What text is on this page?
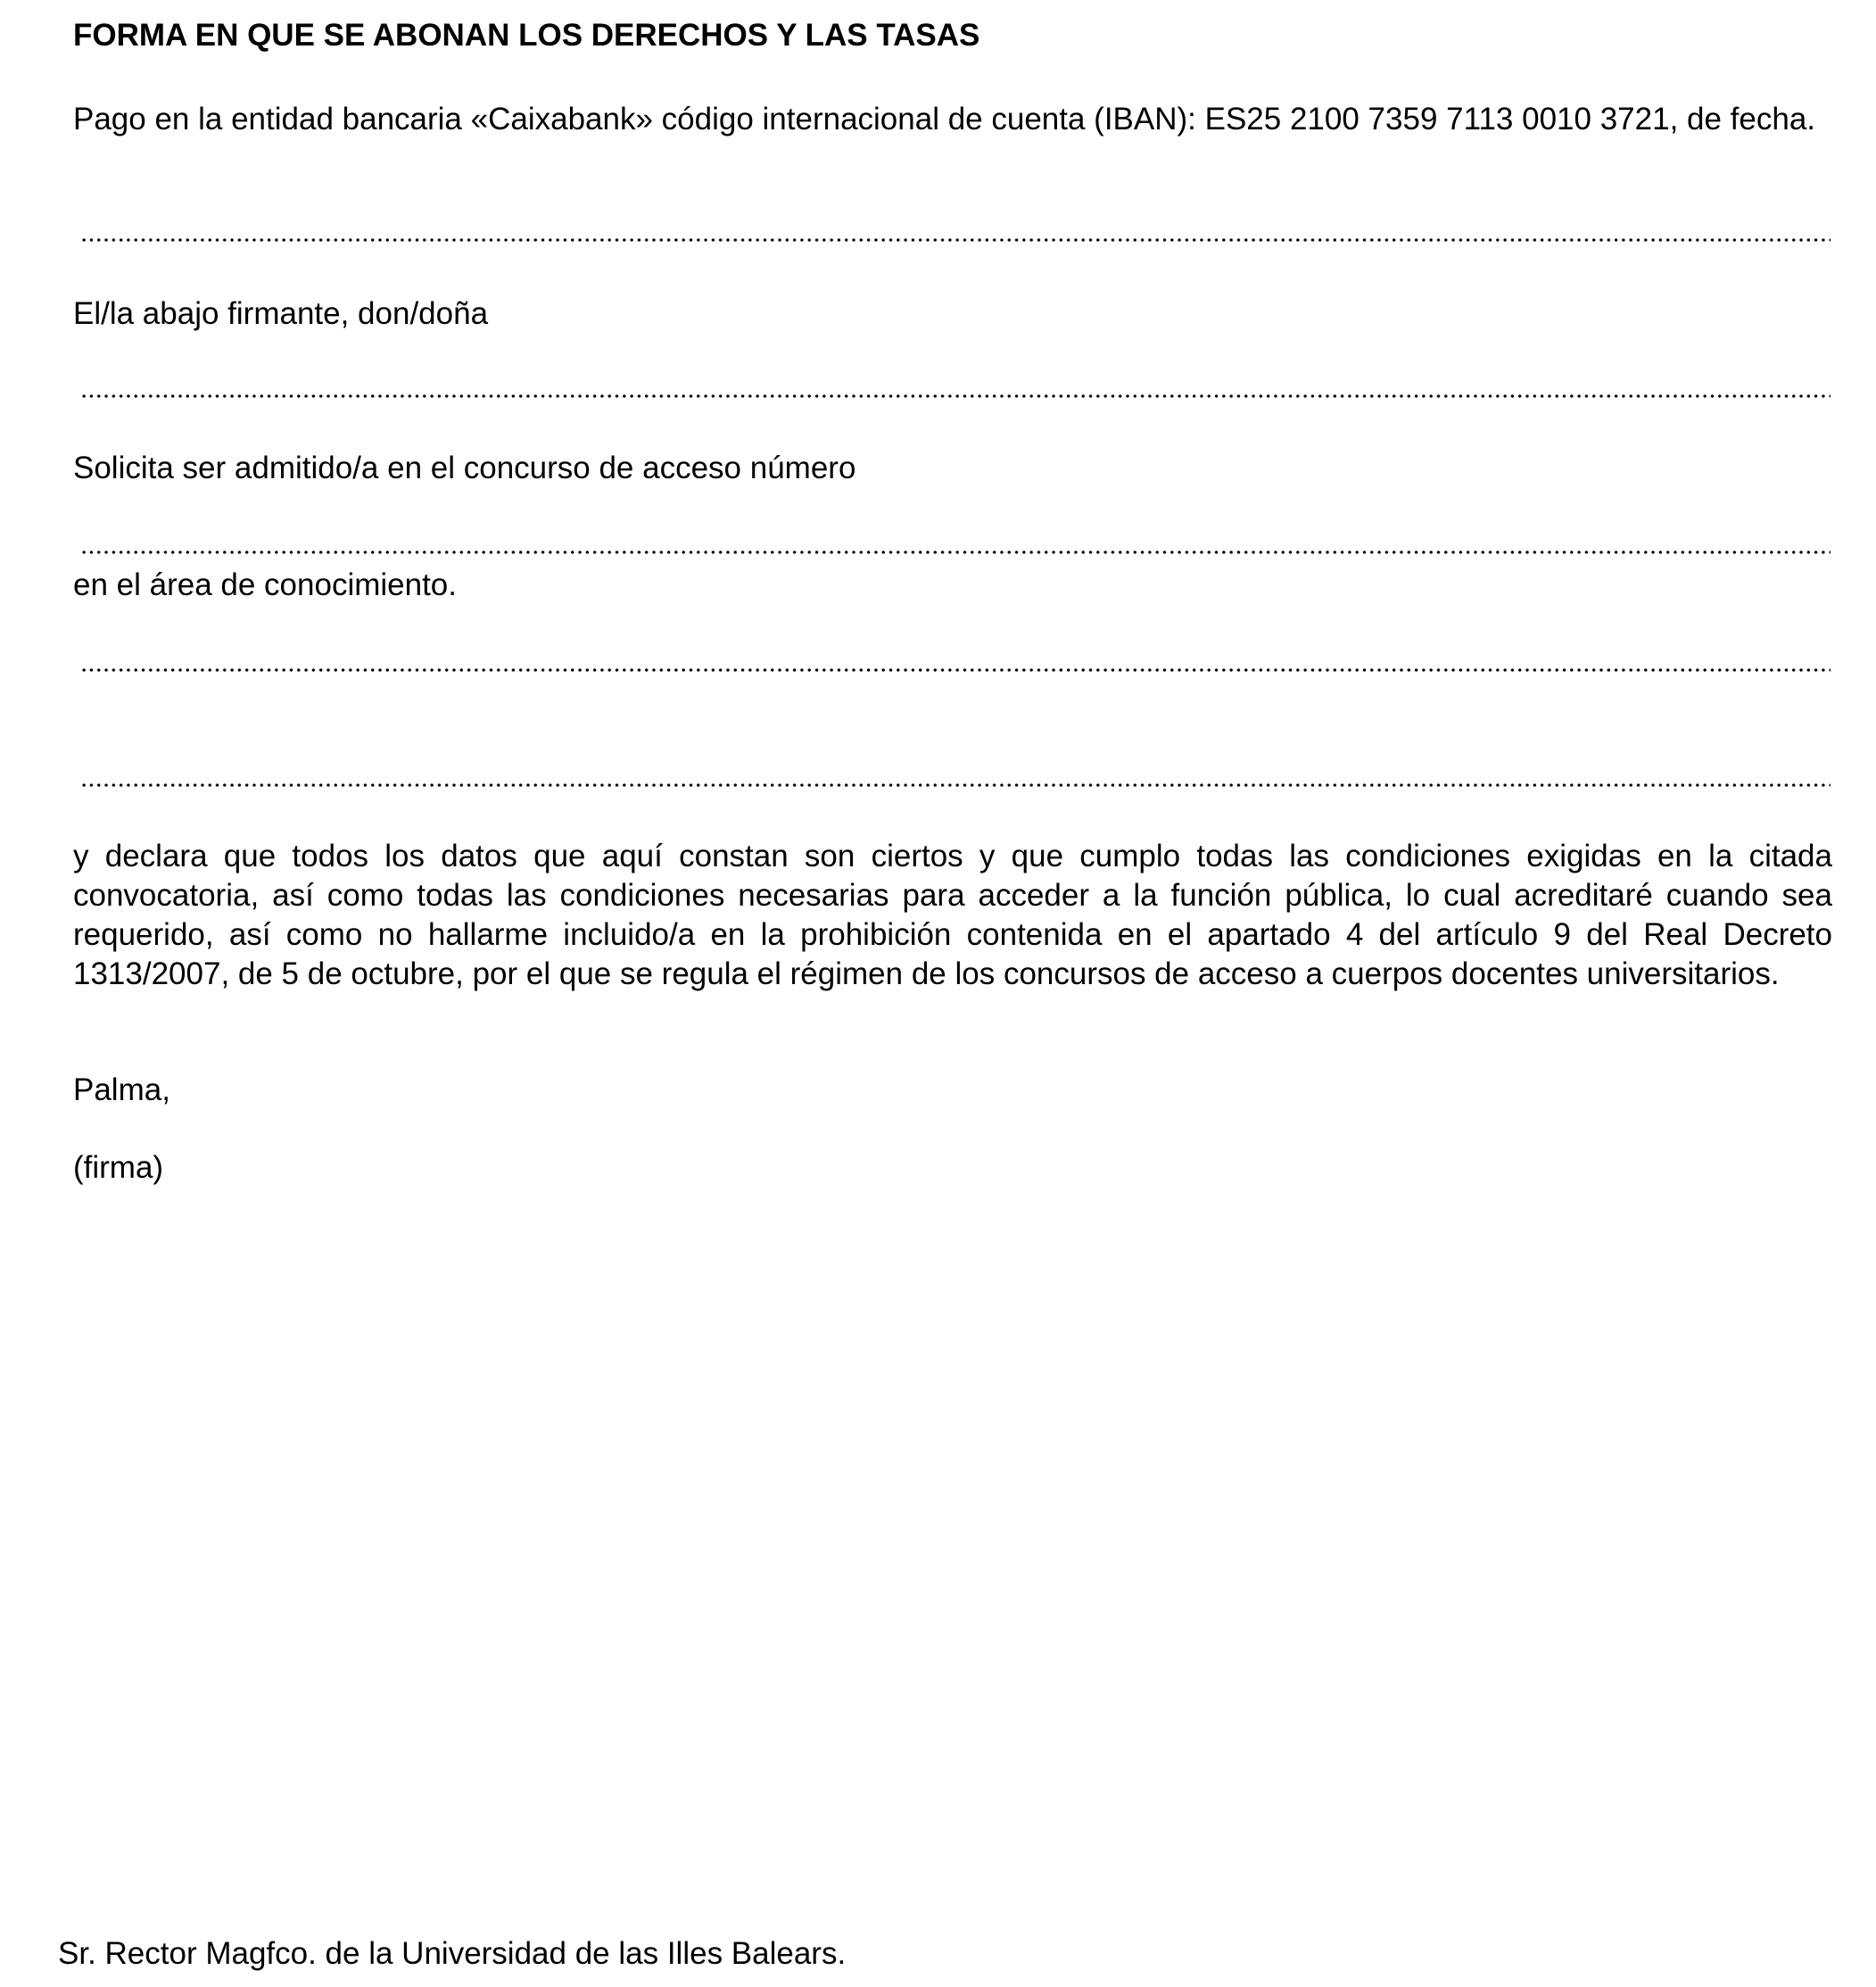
FORMA EN QUE SE ABONAN LOS DERECHOS Y LAS TASAS

Pago en la entidad bancaria «Caixabank» código internacional de cuenta (IBAN): ES25 2100 7359 7113 0010 3721, de fecha.

El/la abajo firmante, don/doña

Solicita ser admitido/a en el concurso de acceso número

en el área de conocimiento.

y declara que todos los datos que aquí constan son ciertos y que cumplo todas las condiciones exigidas en la citada convocatoria, así como todas las condiciones necesarias para acceder a la función pública, lo cual acreditaré cuando sea requerido, así como no hallarme incluido/a en la prohibición contenida en el apartado 4 del artículo 9 del Real Decreto 1313/2007, de 5 de octubre, por el que se regula el régimen de los concursos de acceso a cuerpos docentes universitarios.

Palma,

(firma)

Sr. Rector Magfco. de la Universidad de las Illes Balears.
